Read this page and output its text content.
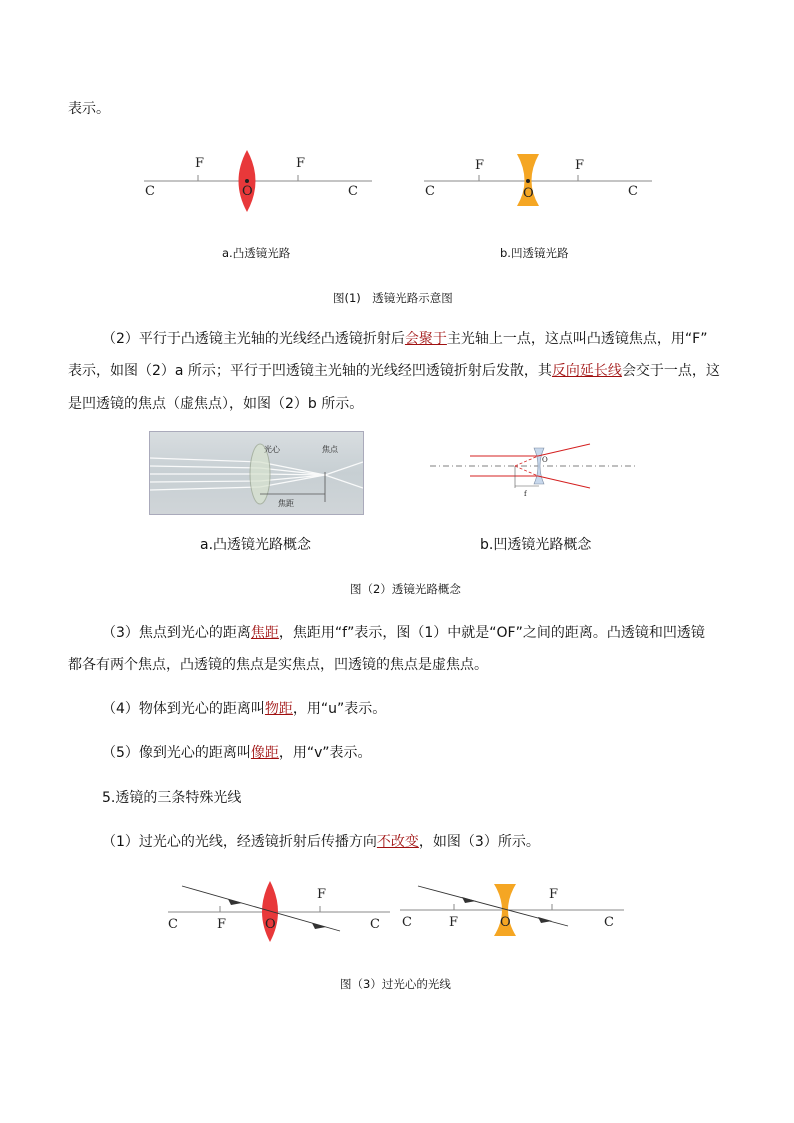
表示。
F	F
O
C	C
F	F
O
C	C
a.凸透镜光路	b.凹透镜光路
图(1)　透镜光路示意图
（2）平行于凸透镜主光轴的光线经凸透镜折射后会聚于主光轴上一点，这点叫凸透镜焦点，用“F”
表示，如图（2）a 所示；平行于凹透镜主光轴的光线经凹透镜折射后发散，其反向延长线会交于一点，这
是凹透镜的焦点（虚焦点），如图（2）b 所示。
光心	焦点
焦距
f
O
a.凸透镜光路概念	b.凹透镜光路概念
图（2）透镜光路概念
（3）焦点到光心的距离焦距，焦距用“f”表示，图（1）中就是“OF”之间的距离。凸透镜和凹透镜
都各有两个焦点，凸透镜的焦点是实焦点，凹透镜的焦点是虚焦点。
（4）物体到光心的距离叫物距，用“u”表示。
（5）像到光心的距离叫像距，用“v”表示。
5.透镜的三条特殊光线
（1）过光心的光线，经透镜折射后传播方向不改变，如图（3）所示。
F
F	O
C	C
F
F	O
C	C
图（3）过光心的光线
